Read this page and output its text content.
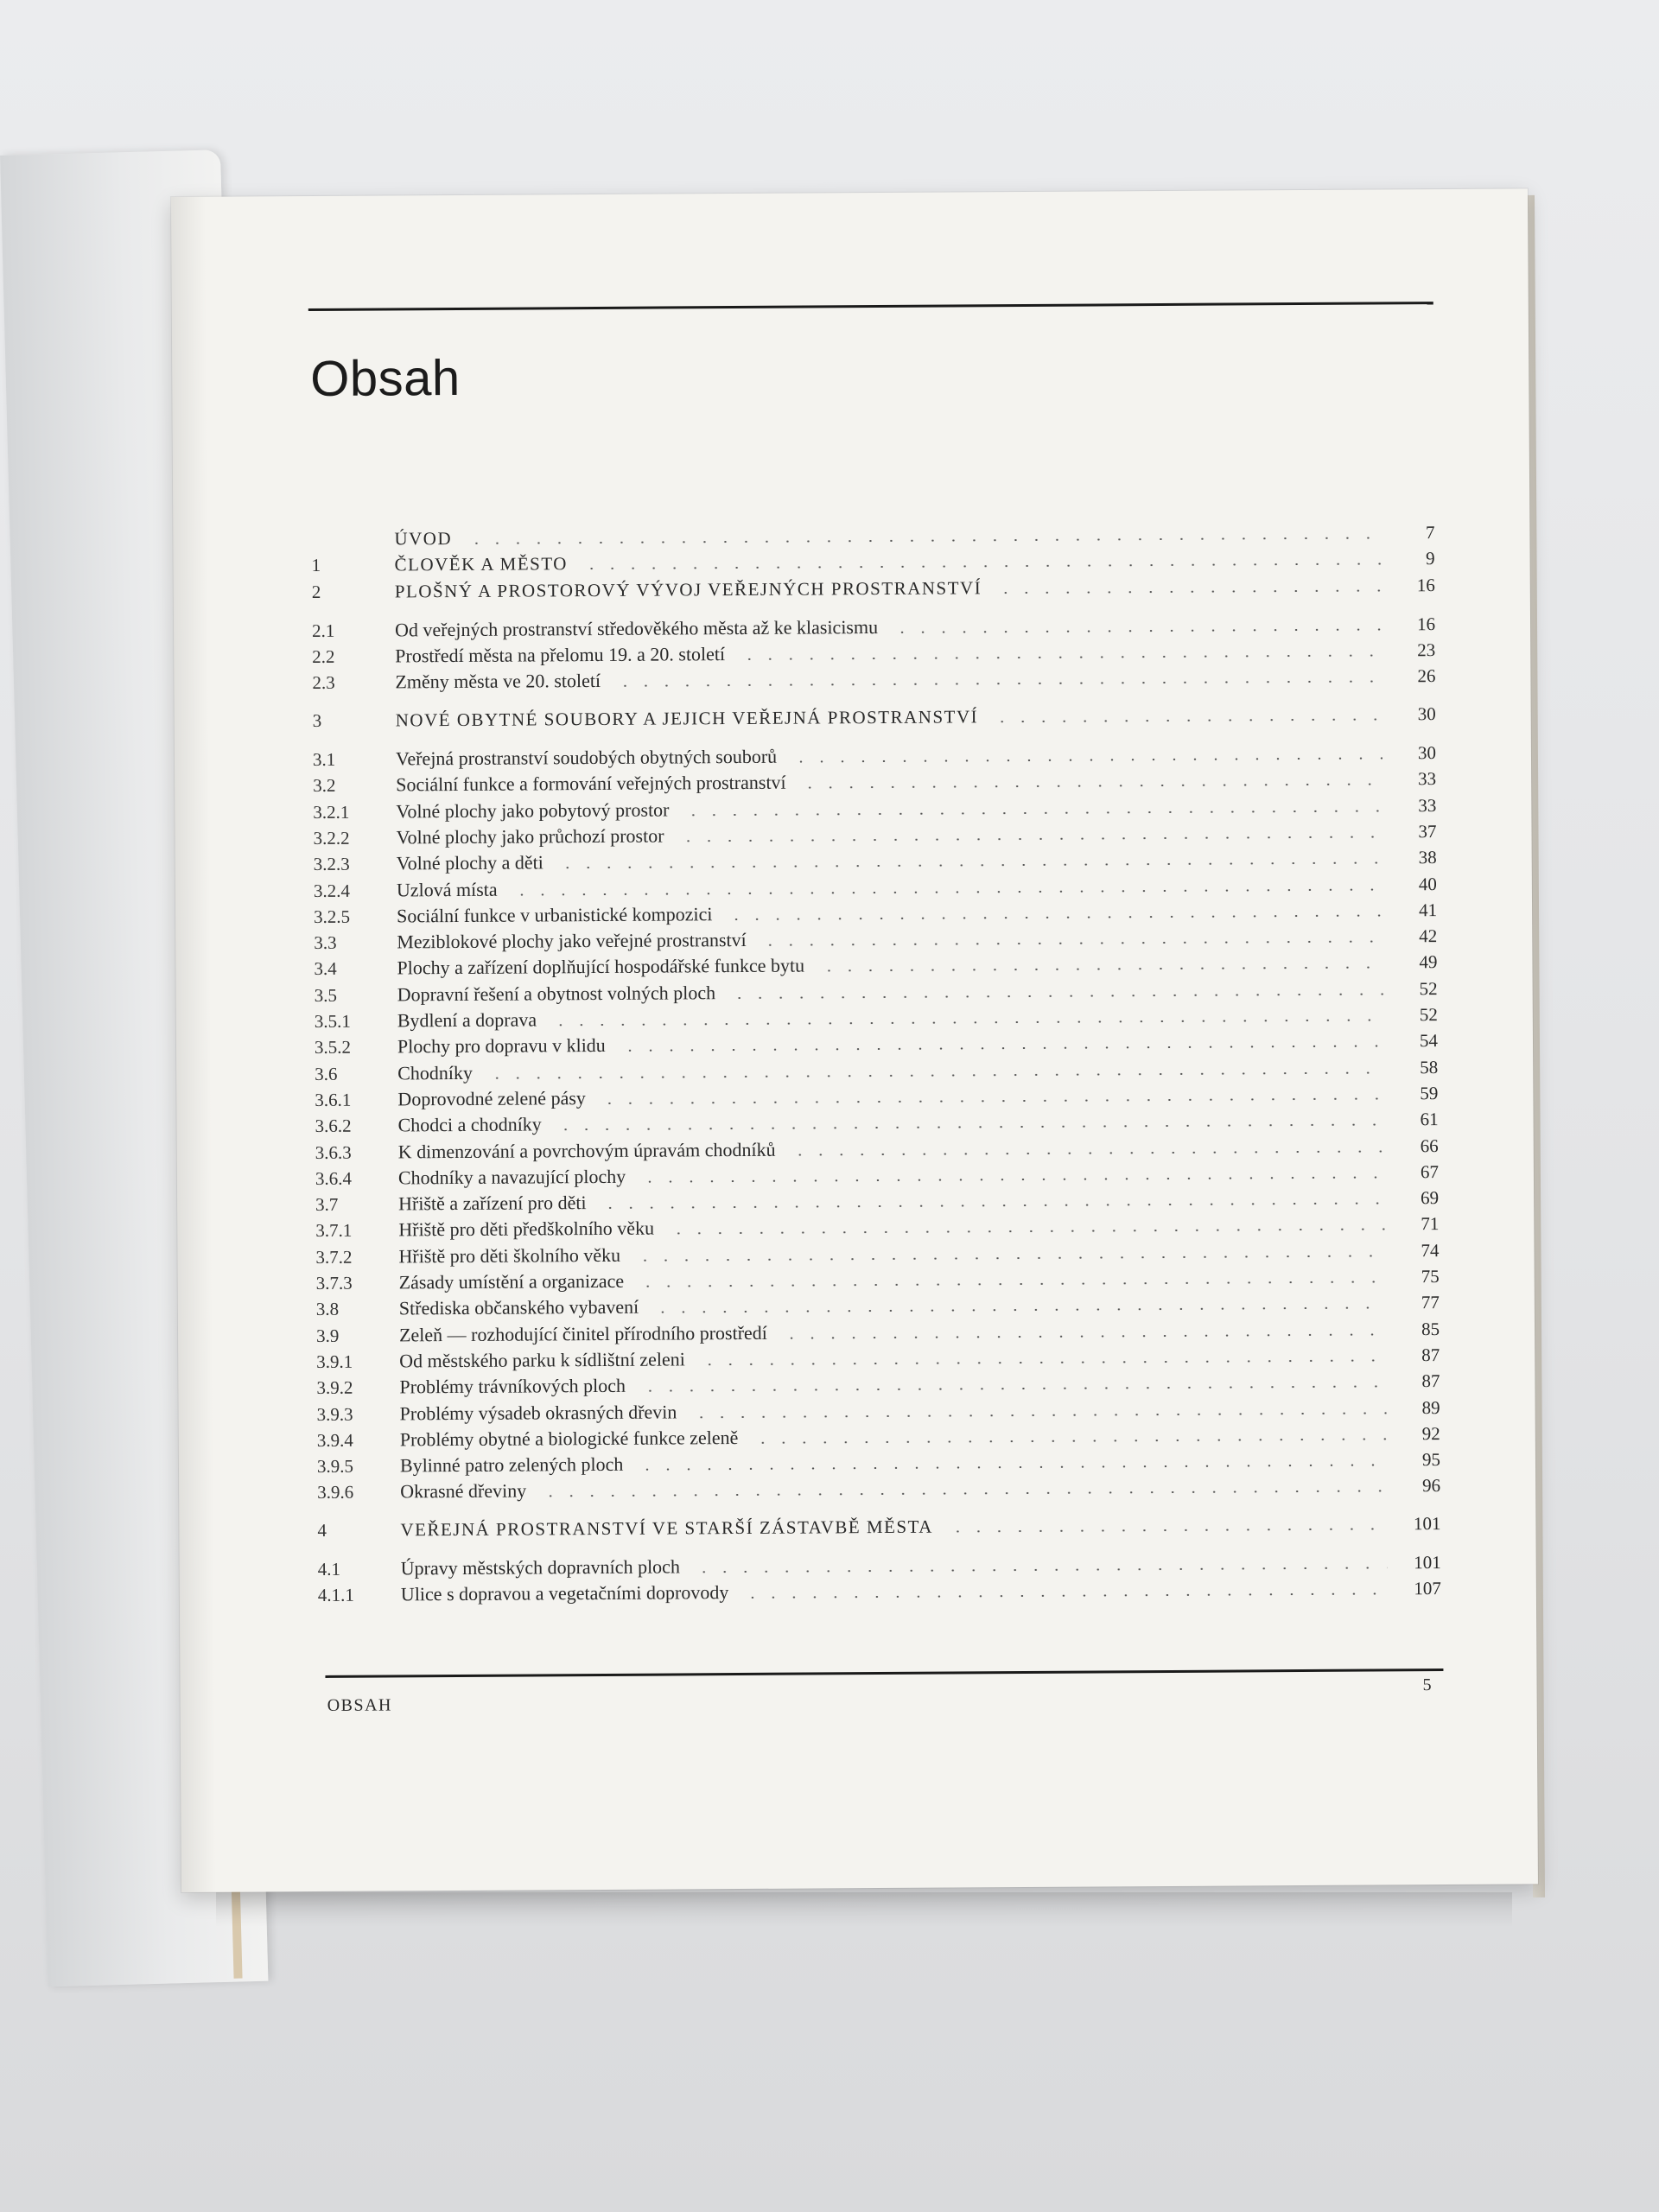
Obsah
ÚVOD	7
1	ČLOVĚK A MĚSTO	9
2	PLOŠNÝ A PROSTOROVÝ VÝVOJ VEŘEJNÝCH PROSTRANSTVÍ	16
2.1	Od veřejných prostranství středověkého města až ke klasicismu	16
2.2	Prostředí města na přelomu 19. a 20. století	23
2.3	Změny města ve 20. století	26
3	NOVÉ OBYTNÉ SOUBORY A JEJICH VEŘEJNÁ PROSTRANSTVÍ	30
3.1	Veřejná prostranství soudobých obytných souborů	30
3.2	Sociální funkce a formování veřejných prostranství	33
3.2.1	Volné plochy jako pobytový prostor	33
3.2.2	Volné plochy jako průchozí prostor	37
3.2.3	Volné plochy a děti	38
3.2.4	Uzlová místa	40
3.2.5	Sociální funkce v urbanistické kompozici	41
3.3	Meziblokové plochy jako veřejné prostranství	42
3.4	Plochy a zařízení doplňující hospodářské funkce bytu	49
3.5	Dopravní řešení a obytnost volných ploch	52
3.5.1	Bydlení a doprava	52
3.5.2	Plochy pro dopravu v klidu	54
3.6	Chodníky	58
3.6.1	Doprovodné zelené pásy	59
3.6.2	Chodci a chodníky	61
3.6.3	K dimenzování a povrchovým úpravám chodníků	66
3.6.4	Chodníky a navazující plochy	67
3.7	Hřiště a zařízení pro děti	69
3.7.1	Hřiště pro děti předškolního věku	71
3.7.2	Hřiště pro děti školního věku	74
3.7.3	Zásady umístění a organizace	75
3.8	Střediska občanského vybavení	77
3.9	Zeleň — rozhodující činitel přírodního prostředí	85
3.9.1	Od městského parku k sídlištní zeleni	87
3.9.2	Problémy trávníkových ploch	87
3.9.3	Problémy výsadeb okrasných dřevin	89
3.9.4	Problémy obytné a biologické funkce zeleně	92
3.9.5	Bylinné patro zelených ploch	95
3.9.6	Okrasné dřeviny	96
4	VEŘEJNÁ PROSTRANSTVÍ VE STARŠÍ ZÁSTAVBĚ MĚSTA	101
4.1	Úpravy městských dopravních ploch	101
4.1.1	Ulice s dopravou a vegetačními doprovody	107
OBSAH
5
